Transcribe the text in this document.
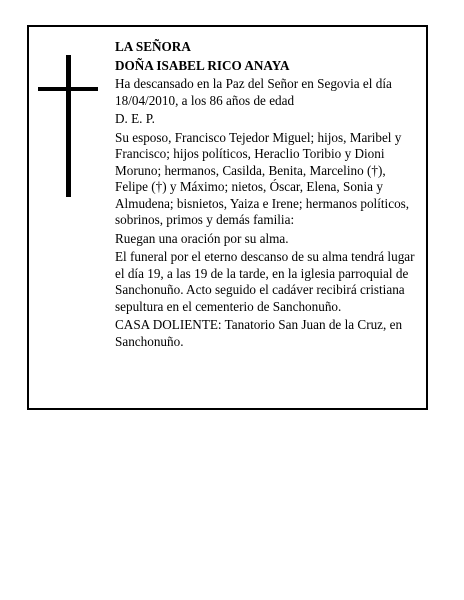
LA SEÑORA

DOÑA ISABEL RICO ANAYA

Ha descansado en la Paz del Señor en Segovia el día 18/04/2010, a los 86 años de edad

D. E. P.

Su esposo, Francisco Tejedor Miguel; hijos, Maribel y Francisco; hijos políticos, Heraclio Toribio y Dioni Moruno; hermanos, Casilda, Benita, Marcelino (†), Felipe (†) y Máximo; nietos, Óscar, Elena, Sonia y Almudena; bisnietos, Yaiza e Irene; hermanos políticos, sobrinos, primos y demás familia:

Ruegan una oración por su alma.

El funeral por el eterno descanso de su alma tendrá lugar el día 19, a las 19 de la tarde, en la iglesia parroquial de Sanchonuño. Acto seguido el cadáver recibirá cristiana sepultura en el cementerio de Sanchonuño.

CASA DOLIENTE: Tanatorio San Juan de la Cruz, en Sanchonuño.
